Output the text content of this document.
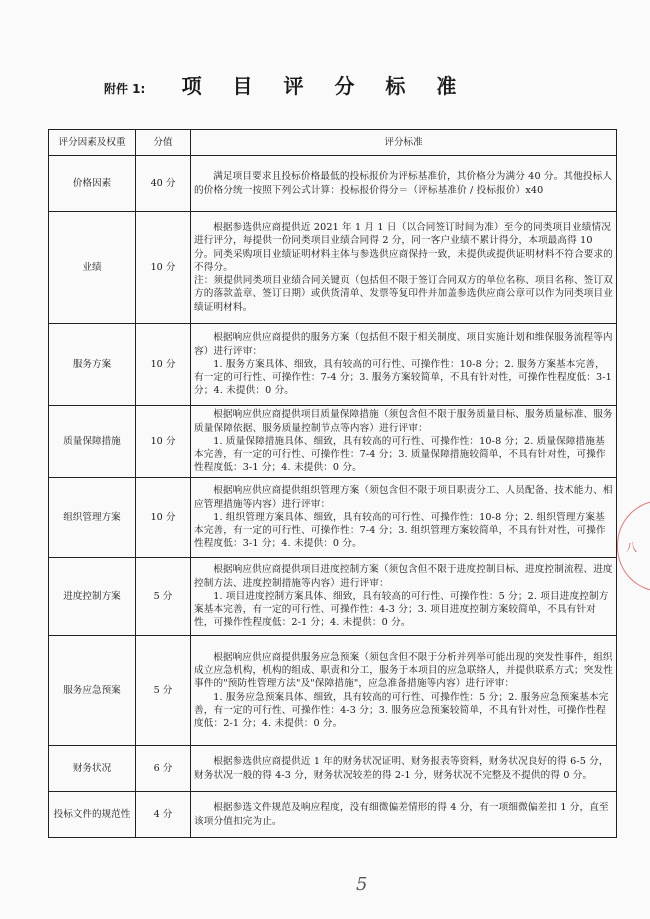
附件 1:	项 目 评 分 标 准
评分因素及权重	分值	评分标准
价格因素	40 分	满足项目要求且投标价格最低的投标报价为评标基准价，其价格分为满分 40 分。其他投标人的价格分统一按照下列公式计算：投标报价得分＝（评标基准价 / 投标报价）x40

业绩	10 分	根据参选供应商提供近 2021 年 1 月 1 日（以合同签订时间为准）至今的同类项目业绩情况进行评分，每提供一份同类项目业绩合同得 2 分，同一客户业绩不累计得分，本项最高得 10 分。同类采购项目业绩证明材料主体与参选供应商保持一致，未提供或提供证明材料不符合要求的不得分。

注：须提供同类项目业绩合同关键页（包括但不限于签订合同双方的单位名称、项目名称、签订双方的落款盖章、签订日期）或供货清单、发票等复印件并加盖参选供应商公章可以作为同类项目业绩证明材料。

服务方案	10 分	根据响应供应商提供的服务方案（包括但不限于相关制度、项目实施计划和维保服务流程等内容）进行评审：

1. 服务方案具体、细致，具有较高的可行性、可操作性：10-8 分；2. 服务方案基本完善，有一定的可行性、可操作性：7-4 分；3. 服务方案较简单，不具有针对性，可操作性程度低：3-1 分；4. 未提供：0 分。

质量保障措施	10 分	根据响应供应商提供项目质量保障措施（须包含但不限于服务质量目标、服务质量标准、服务质量保障依据、服务质量控制节点等内容）进行评审：

1. 质量保障措施具体、细致，具有较高的可行性、可操作性：10-8 分；2. 质量保障措施基本完善，有一定的可行性、可操作性：7-4 分；3. 质量保障措施较简单，不具有针对性，可操作性程度低：3-1 分；4. 未提供：0 分。

组织管理方案	10 分	根据响应供应商提供组织管理方案（须包含但不限于项目职责分工、人员配备、技术能力、相应管理措施等内容）进行评审：

1. 组织管理方案具体、细致，具有较高的可行性、可操作性：10-8 分；2. 组织管理方案基本完善，有一定的可行性、可操作性：7-4 分；3. 组织管理方案较简单，不具有针对性，可操作性程度低：3-1 分；4. 未提供：0 分。

进度控制方案	5 分	根据响应供应商提供项目进度控制方案（须包含但不限于进度控制目标、进度控制流程、进度控制方法、进度控制措施等内容）进行评审：

1. 项目进度控制方案具体、细致，具有较高的可行性、可操作性：5 分；2. 项目进度控制方案基本完善，有一定的可行性、可操作性：4-3 分；3. 项目进度控制方案较简单，不具有针对性，可操作性程度低：2-1 分；4. 未提供：0 分。

服务应急预案	5 分	根据响应供应商提供服务应急预案（须包含但不限于分析并列举可能出现的突发性事件，组织成立应急机构，机构的组成、职责和分工，服务于本项目的应急联络人，并提供联系方式；突发性事件的"预防性管理方法"及"保障措施"，应急准备措施等内容）进行评审：

1. 服务应急预案具体、细致，具有较高的可行性、可操作性：5 分；2. 服务应急预案基本完善，有一定的可行性、可操作性：4-3 分；3. 服务应急预案较简单，不具有针对性，可操作性程度低：2-1 分；4. 未提供：0 分。

财务状况	6 分	根据参选供应商提供近 1 年的财务状况证明、财务报表等资料，财务状况良好的得 6-5 分，财务状况一般的得 4-3 分，财务状况较差的得 2-1 分，财务状况不完整及不提供的得 0 分。

投标文件的规范性	4 分	根据参选文件规范及响应程度，没有细微偏差情形的得 4 分，有一项细微偏差扣 1 分，直至该项分值扣完为止。

八
5
